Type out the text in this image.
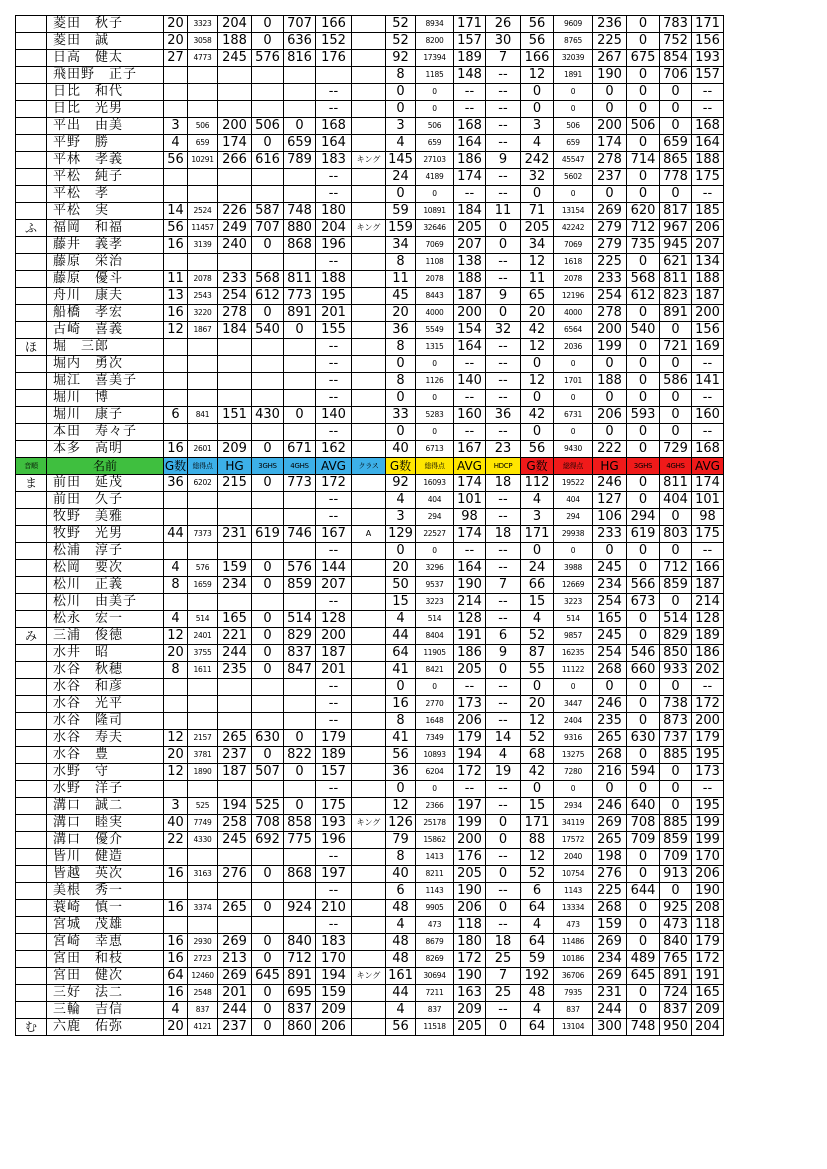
	菱田　秋子	20	3323	204	0	707	166		52	8934	171	26	56	9609	236	0	783	171
	菱田　誠	20	3058	188	0	636	152		52	8200	157	30	56	8765	225	0	752	156
	日高　健太	27	4773	245	576	816	176		92	17394	189	7	166	32039	267	675	854	193
	飛田野　正子								8	1185	148	--	12	1891	190	0	706	157
	日比　和代						--		0	0	--	--	0	0	0	0	0	--
	日比　光男						--		0	0	--	--	0	0	0	0	0	--
	平出　由美	3	506	200	506	0	168		3	506	168	--	3	506	200	506	0	168
	平野　勝	4	659	174	0	659	164		4	659	164	--	4	659	174	0	659	164
	平林　孝義	56	10291	266	616	789	183	キング	145	27103	186	9	242	45547	278	714	865	188
	平松　純子						--		24	4189	174	--	32	5602	237	0	778	175
	平松　孝						--		0	0	--	--	0	0	0	0	0	--
	平松　実	14	2524	226	587	748	180		59	10891	184	11	71	13154	269	620	817	185
ふ	福岡　和福	56	11457	249	707	880	204	キング	159	32646	205	0	205	42242	279	712	967	206
	藤井　義孝	16	3139	240	0	868	196		34	7069	207	0	34	7069	279	735	945	207
	藤原　栄治						--		8	1108	138	--	12	1618	225	0	621	134
	藤原　優斗	11	2078	233	568	811	188		11	2078	188	--	11	2078	233	568	811	188
	舟川　康夫	13	2543	254	612	773	195		45	8443	187	9	65	12196	254	612	823	187
	船橋　孝宏	16	3220	278	0	891	201		20	4000	200	0	20	4000	278	0	891	200
	古崎　喜義	12	1867	184	540	0	155		36	5549	154	32	42	6564	200	540	0	156
ほ	堀　三郎						--		8	1315	164	--	12	2036	199	0	721	169
	堀内　勇次						--		0	0	--	--	0	0	0	0	0	--
	堀江　喜美子						--		8	1126	140	--	12	1701	188	0	586	141
	堀川　博						--		0	0	--	--	0	0	0	0	0	--
	堀川　康子	6	841	151	430	0	140		33	5283	160	36	42	6731	206	593	0	160
	本田　寿々子						--		0	0	--	--	0	0	0	0	0	--
	本多　高明	16	2601	209	0	671	162		40	6713	167	23	56	9430	222	0	729	168
音順	名前	G数	総得点	HG	3GHS	4GHS	AVG	クラス	G数	総得点	AVG	HDCP	G数	総得点	HG	3GHS	4GHS	AVG
ま	前田　延茂	36	6202	215	0	773	172		92	16093	174	18	112	19522	246	0	811	174
	前田　久子						--		4	404	101	--	4	404	127	0	404	101
	牧野　美雅						--		3	294	98	--	3	294	106	294	0	98
	牧野　光男	44	7373	231	619	746	167	A	129	22527	174	18	171	29938	233	619	803	175
	松浦　淳子						--		0	0	--	--	0	0	0	0	0	--
	松岡　要次	4	576	159	0	576	144		20	3296	164	--	24	3988	245	0	712	166
	松川　正義	8	1659	234	0	859	207		50	9537	190	7	66	12669	234	566	859	187
	松川　由美子						--		15	3223	214	--	15	3223	254	673	0	214
	松永　宏一	4	514	165	0	514	128		4	514	128	--	4	514	165	0	514	128
み	三浦　俊徳	12	2401	221	0	829	200		44	8404	191	6	52	9857	245	0	829	189
	水井　昭	20	3755	244	0	837	187		64	11905	186	9	87	16235	254	546	850	186
	水谷　秋穂	8	1611	235	0	847	201		41	8421	205	0	55	11122	268	660	933	202
	水谷　和彦						--		0	0	--	--	0	0	0	0	0	--
	水谷　光平						--		16	2770	173	--	20	3447	246	0	738	172
	水谷　隆司						--		8	1648	206	--	12	2404	235	0	873	200
	水谷　寿夫	12	2157	265	630	0	179		41	7349	179	14	52	9316	265	630	737	179
	水谷　豊	20	3781	237	0	822	189		56	10893	194	4	68	13275	268	0	885	195
	水野　守	12	1890	187	507	0	157		36	6204	172	19	42	7280	216	594	0	173
	水野　洋子						--		0	0	--	--	0	0	0	0	0	--
	溝口　誠二	3	525	194	525	0	175		12	2366	197	--	15	2934	246	640	0	195
	溝口　睦実	40	7749	258	708	858	193	キング	126	25178	199	0	171	34119	269	708	885	199
	溝口　優介	22	4330	245	692	775	196		79	15862	200	0	88	17572	265	709	859	199
	皆川　健造						--		8	1413	176	--	12	2040	198	0	709	170
	皆越　英次	16	3163	276	0	868	197		40	8211	205	0	52	10754	276	0	913	206
	美根　秀一						--		6	1143	190	--	6	1143	225	644	0	190
	蓑崎　慎一	16	3374	265	0	924	210		48	9905	206	0	64	13334	268	0	925	208
	宮城　茂雄						--		4	473	118	--	4	473	159	0	473	118
	宮崎　幸恵	16	2930	269	0	840	183		48	8679	180	18	64	11486	269	0	840	179
	宮田　和枝	16	2723	213	0	712	170		48	8269	172	25	59	10186	234	489	765	172
	宮田　健次	64	12460	269	645	891	194	キング	161	30694	190	7	192	36706	269	645	891	191
	三好　法二	16	2548	201	0	695	159		44	7211	163	25	48	7935	231	0	724	165
	三輪　吉信	4	837	244	0	837	209		4	837	209	--	4	837	244	0	837	209
む	六鹿　佑弥	20	4121	237	0	860	206		56	11518	205	0	64	13104	300	748	950	204
